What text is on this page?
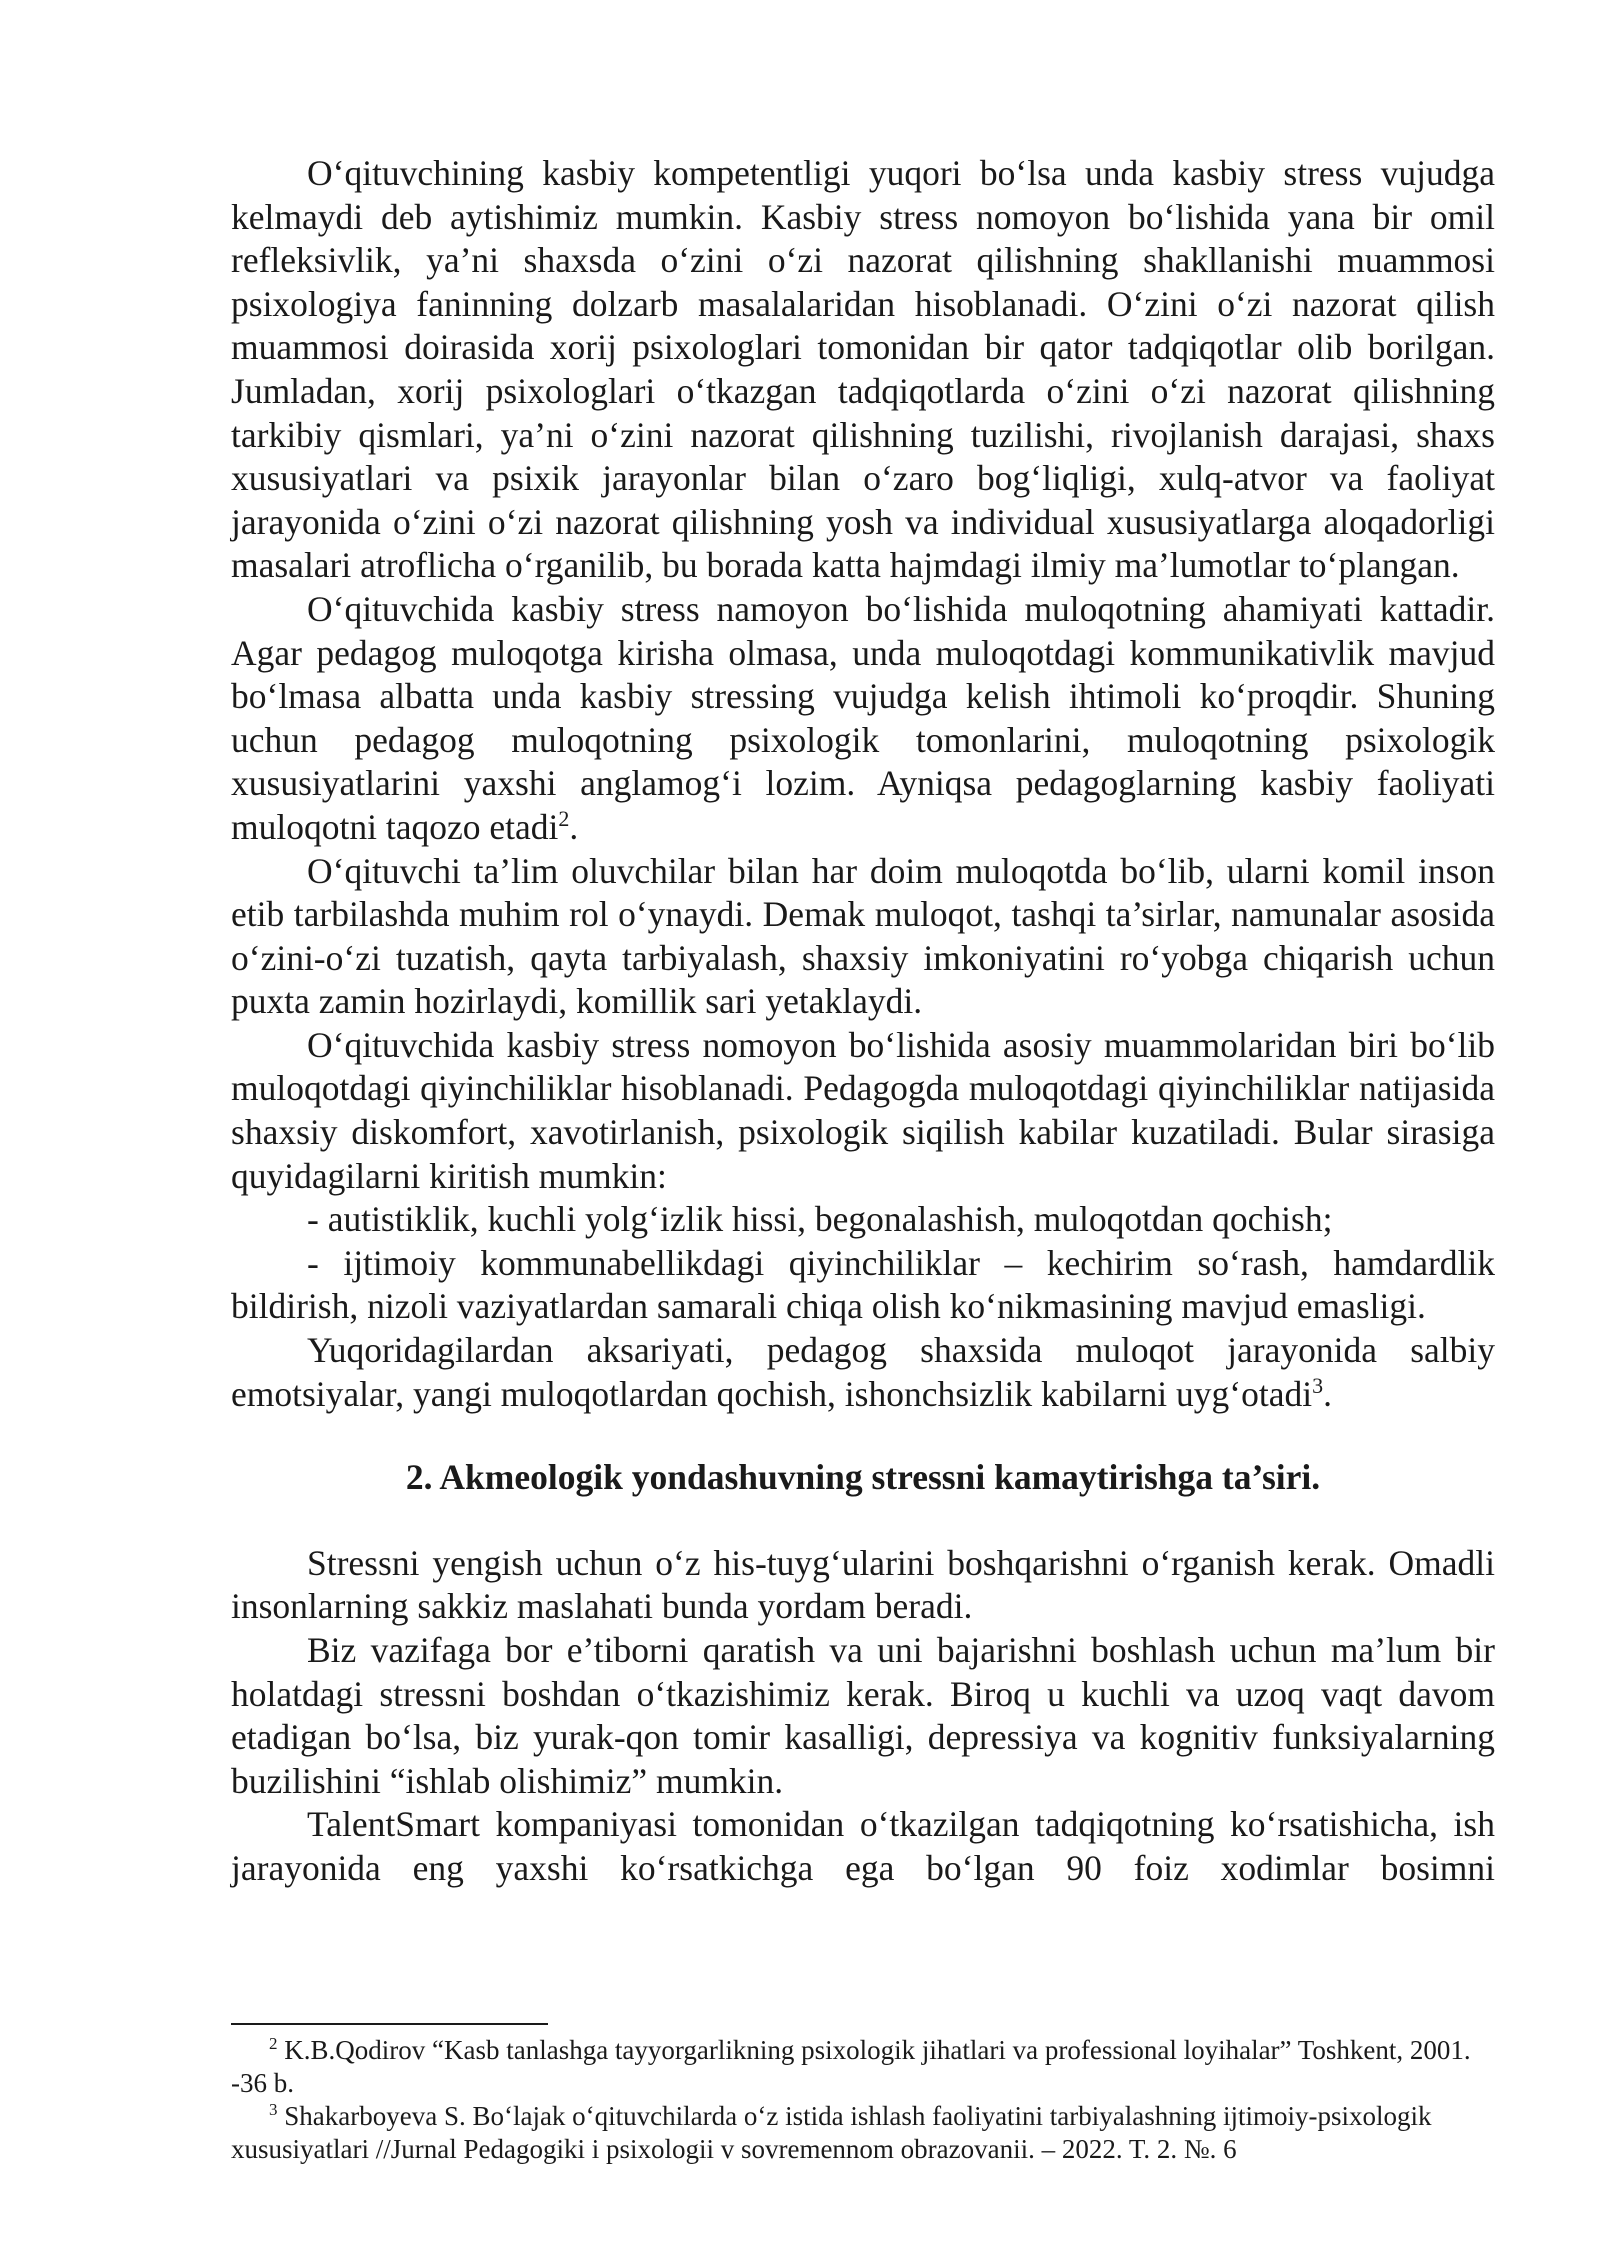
O‘qituvchining kasbiy kompetentligi yuqori bo‘lsa unda kasbiy stress vujudga kelmaydi deb aytishimiz mumkin. Kasbiy stress nomoyon bo‘lishida yana bir omil refleksivlik, ya’ni shaxsda o‘zini o‘zi nazorat qilishning shakllanishi muammosi psixologiya faninning dolzarb masalalaridan hisoblanadi. O‘zini o‘zi nazorat qilish muammosi doirasida xorij psixologlari tomonidan bir qator tadqiqotlar olib borilgan. Jumladan, xorij psixologlari o‘tkazgan tadqiqotlarda o‘zini o‘zi nazorat qilishning tarkibiy qismlari, ya’ni o‘zini nazorat qilishning tuzilishi, rivojlanish darajasi, shaxs xususiyatlari va psixik jarayonlar bilan o‘zaro bog‘liqligi, xulq-atvor va faoliyat jarayonida o‘zini o‘zi nazorat qilishning yosh va individual xususiyatlarga aloqadorligi masalari atroflicha o‘rganilib, bu borada katta hajmdagi ilmiy ma’lumotlar to‘plangan.

O‘qituvchida kasbiy stress namoyon bo‘lishida muloqotning ahamiyati kattadir. Agar pedagog muloqotga kirisha olmasa, unda muloqotdagi kommunikativlik mavjud bo‘lmasa albatta unda kasbiy stressing vujudga kelish ihtimoli ko‘proqdir. Shuning uchun pedagog muloqotning psixologik tomonlarini, muloqotning psixologik xususiyatlarini yaxshi anglamog‘i lozim. Ayniqsa pedagoglarning kasbiy faoliyati muloqotni taqozo etadi$^2$.

O‘qituvchi ta’lim oluvchilar bilan har doim muloqotda bo‘lib, ularni komil inson etib tarbilashda muhim rol o‘ynaydi. Demak muloqot, tashqi ta’sirlar, namunalar asosida o‘zini-o‘zi tuzatish, qayta tarbiyalash, shaxsiy imkoniyatini ro‘yobga chiqarish uchun puxta zamin hozirlaydi, komillik sari yetaklaydi.

O‘qituvchida kasbiy stress nomoyon bo‘lishida asosiy muammolaridan biri bo‘lib muloqotdagi qiyinchiliklar hisoblanadi. Pedagogda muloqotdagi qiyinchiliklar natijasida shaxsiy diskomfort, xavotirlanish, psixologik siqilish kabilar kuzatiladi. Bular sirasiga quyidagilarni kiritish mumkin:

- autistiklik, kuchli yolg‘izlik hissi, begonalashish, muloqotdan qochish;

- ijtimoiy kommunabellikdagi qiyinchiliklar – kechirim so‘rash, hamdardlik bildirish, nizoli vaziyatlardan samarali chiqa olish ko‘nikmasining mavjud emasligi.

Yuqoridagilardan aksariyati, pedagog shaxsida muloqot jarayonida salbiy emotsiyalar, yangi muloqotlardan qochish, ishonchsizlik kabilarni uyg‘otadi$^3$.

2. Akmeologik yondashuvning stressni kamaytirishga ta’siri.

Stressni yengish uchun o‘z his-tuyg‘ularini boshqarishni o‘rganish kerak. Omadli insonlarning sakkiz maslahati bunda yordam beradi.

Biz vazifaga bor e’tiborni qaratish va uni bajarishni boshlash uchun ma’lum bir holatdagi stressni boshdan o‘tkazishimiz kerak. Biroq u kuchli va uzoq vaqt davom etadigan bo‘lsa, biz yurak-qon tomir kasalligi, depressiya va kognitiv funksiyalarning buzilishini “ishlab olishimiz” mumkin.

TalentSmart kompaniyasi tomonidan o‘tkazilgan tadqiqotning ko‘rsatishicha, ish jarayonida eng yaxshi ko‘rsatkichga ega bo‘lgan 90 foiz xodimlar bosimni

$^2$ K.B.Qodirov “Kasb tanlashga tayyorgarlikning psixologik jihatlari va professional loyihalar” Toshkent, 2001. -36 b.

$^3$ Shakarboyeva S. Bo‘lajak o‘qituvchilarda o‘z istida ishlash faoliyatini tarbiyalashning ijtimoiy-psixologik xususiyatlari //Jurnal Pedagogiki i psixologii v sovremennom obrazovanii. – 2022. T. 2. №. 6
